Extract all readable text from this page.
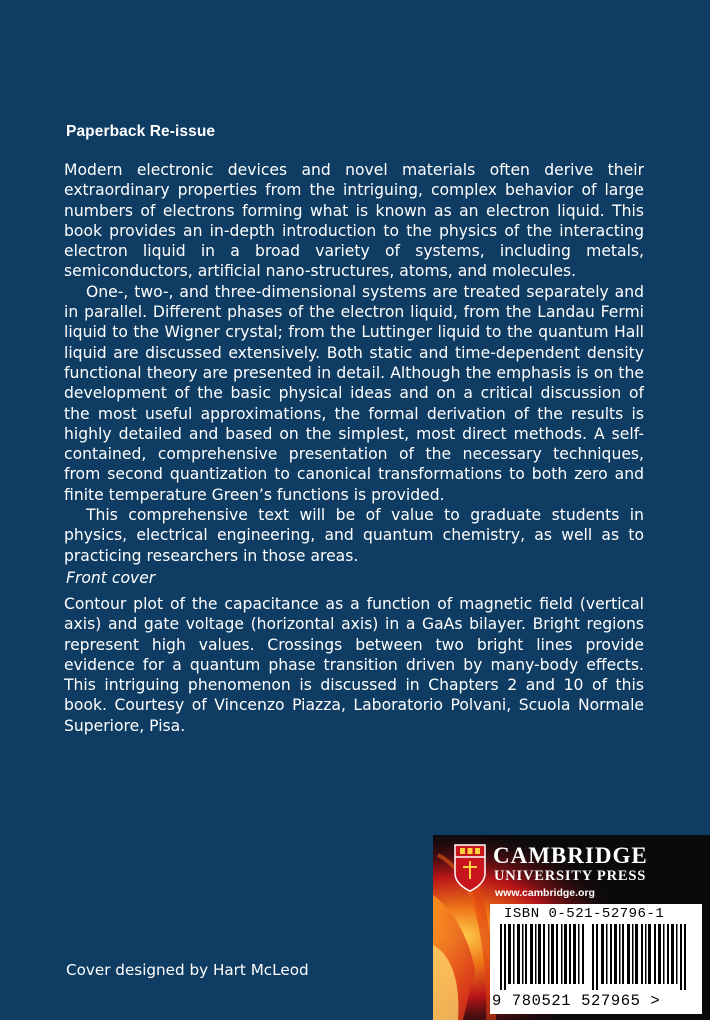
Paperback Re-issue

Modern electronic devices and novel materials often derive their extraordinary properties from the intriguing, complex behavior of large numbers of electrons forming what is known as an electron liquid. This book provides an in-depth introduction to the physics of the interacting electron liquid in a broad variety of systems, including metals, semiconductors, artificial nano-structures, atoms, and molecules.

One-, two-, and three-dimensional systems are treated separately and in parallel. Different phases of the electron liquid, from the Landau Fermi liquid to the Wigner crystal; from the Luttinger liquid to the quantum Hall liquid are discussed extensively. Both static and time-dependent density functional theory are presented in detail. Although the emphasis is on the development of the basic physical ideas and on a critical discussion of the most useful approximations, the formal derivation of the results is highly detailed and based on the simplest, most direct methods. A self-contained, comprehensive presentation of the necessary techniques, from second quantization to canonical transformations to both zero and finite temperature Green’s functions is provided.

This comprehensive text will be of value to graduate students in physics, electrical engineering, and quantum chemistry, as well as to practicing researchers in those areas.

Front cover
Contour plot of the capacitance as a function of magnetic field (vertical axis) and gate voltage (horizontal axis) in a GaAs bilayer. Bright regions represent high values. Crossings between two bright lines provide evidence for a quantum phase transition driven by many-body effects. This intriguing phenomenon is discussed in Chapters 2 and 10 of this book. Courtesy of Vincenzo Piazza, Laboratorio Polvani, Scuola Normale Superiore, Pisa.
Cover designed by Hart McLeod
CAMBRIDGE
UNIVERSITY PRESS
www.cambridge.org
ISBN 0-521-52796-1
9 780521 527965 >
